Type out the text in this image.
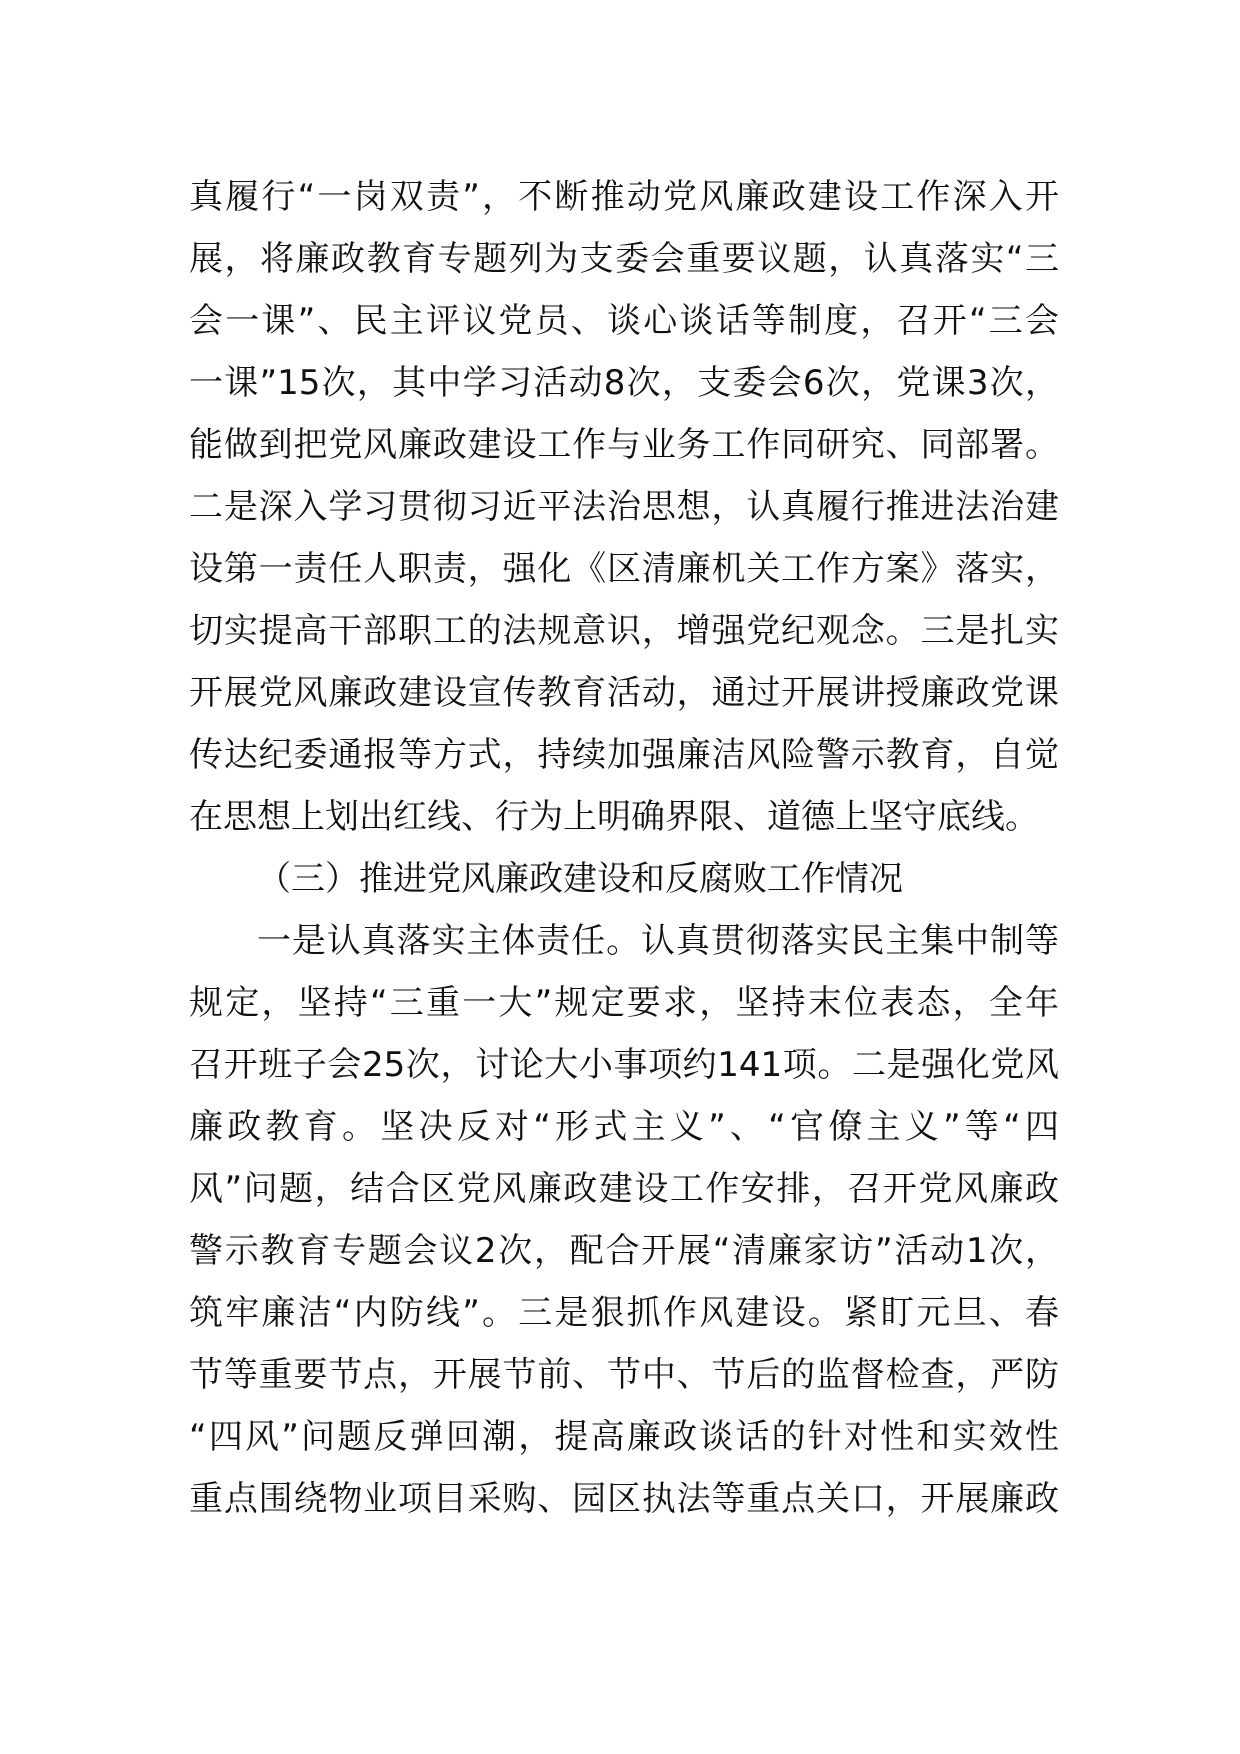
真履行“一岗双责”，不断推动党风廉政建设工作深入开
展，将廉政教育专题列为支委会重要议题，认真落实“三
会一课”、民主评议党员、谈心谈话等制度，召开“三会
一课”15次，其中学习活动8次，支委会6次，党课3次，
能做到把党风廉政建设工作与业务工作同研究、同部署。
二是深入学习贯彻习近平法治思想，认真履行推进法治建
设第一责任人职责，强化《区清廉机关工作方案》落实，
切实提高干部职工的法规意识，增强党纪观念。三是扎实
开展党风廉政建设宣传教育活动，通过开展讲授廉政党课
传达纪委通报等方式，持续加强廉洁风险警示教育，自觉
在思想上划出红线、行为上明确界限、道德上坚守底线。
（三）推进党风廉政建设和反腐败工作情况
一是认真落实主体责任。认真贯彻落实民主集中制等
规定，坚持“三重一大”规定要求，坚持末位表态，全年
召开班子会25次，讨论大小事项约141项。二是强化党风
廉政教育。坚决反对“形式主义”、“官僚主义”等“四
风”问题，结合区党风廉政建设工作安排，召开党风廉政
警示教育专题会议2次，配合开展“清廉家访”活动1次，
筑牢廉洁“内防线”。三是狠抓作风建设。紧盯元旦、春
节等重要节点，开展节前、节中、节后的监督检查，严防
“四风”问题反弹回潮，提高廉政谈话的针对性和实效性
重点围绕物业项目采购、园区执法等重点关口，开展廉政
